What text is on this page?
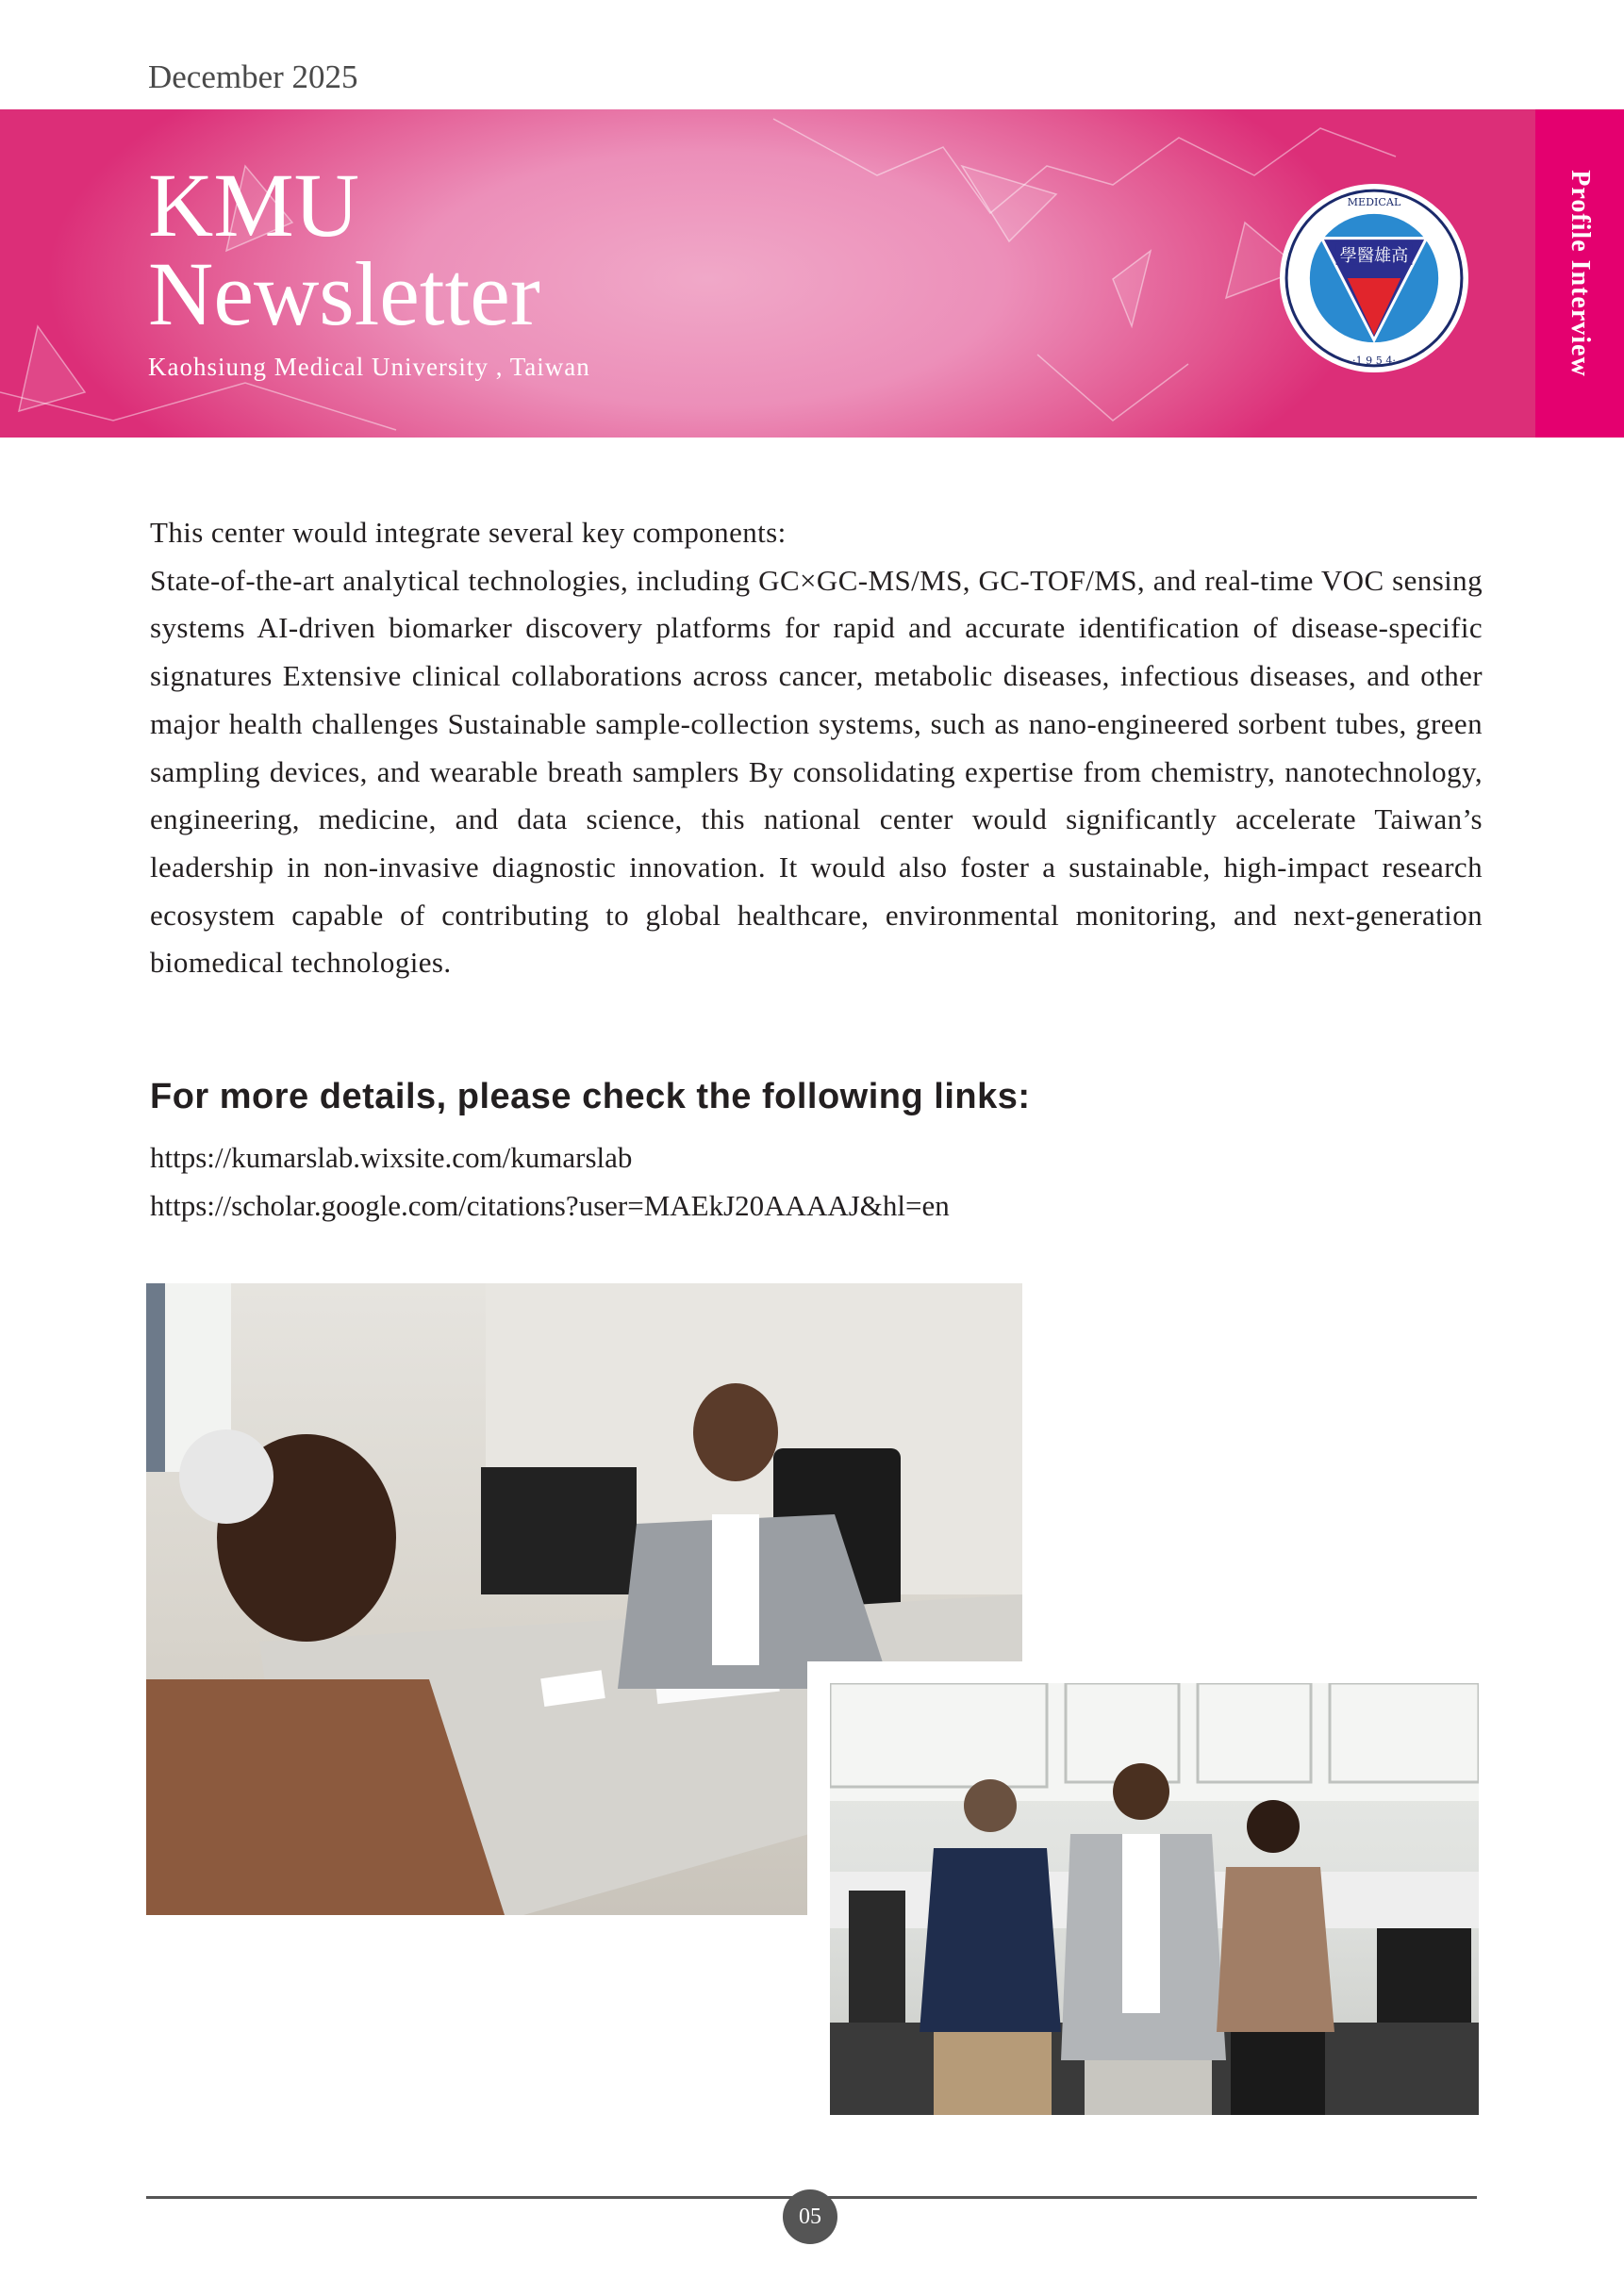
December 2025
KMU
Newsletter
Kaohsiung Medical University , Taiwan
學醫雄高
MEDICAL
·1 9 5 4·	Profile Interview

This center would integrate several key components:

State-of-the-art analytical technologies, including GC×GC-MS/MS, GC-TOF/MS, and real-time VOC sensing systems AI-driven biomarker discovery platforms for rapid and accurate identification of disease-specific signatures Extensive clinical collaborations across cancer, metabolic diseases, infectious diseases, and other major health challenges Sustainable sample-collection systems, such as nano-engineered sorbent tubes, green sampling devices, and wearable breath samplers By consolidating expertise from chemistry, nanotechnology, engineering, medicine, and data science, this national center would significantly accelerate Taiwan’s leadership in non-invasive diagnostic innovation. It would also foster a sustainable, high-impact research ecosystem capable of contributing to global healthcare, environmental monitoring, and next-generation biomedical technologies.

For more details, please check the following links:
https://kumarslab.wixsite.com/kumarslab
https://scholar.google.com/citations?user=MAEkJ20AAAAJ&hl=en
05
